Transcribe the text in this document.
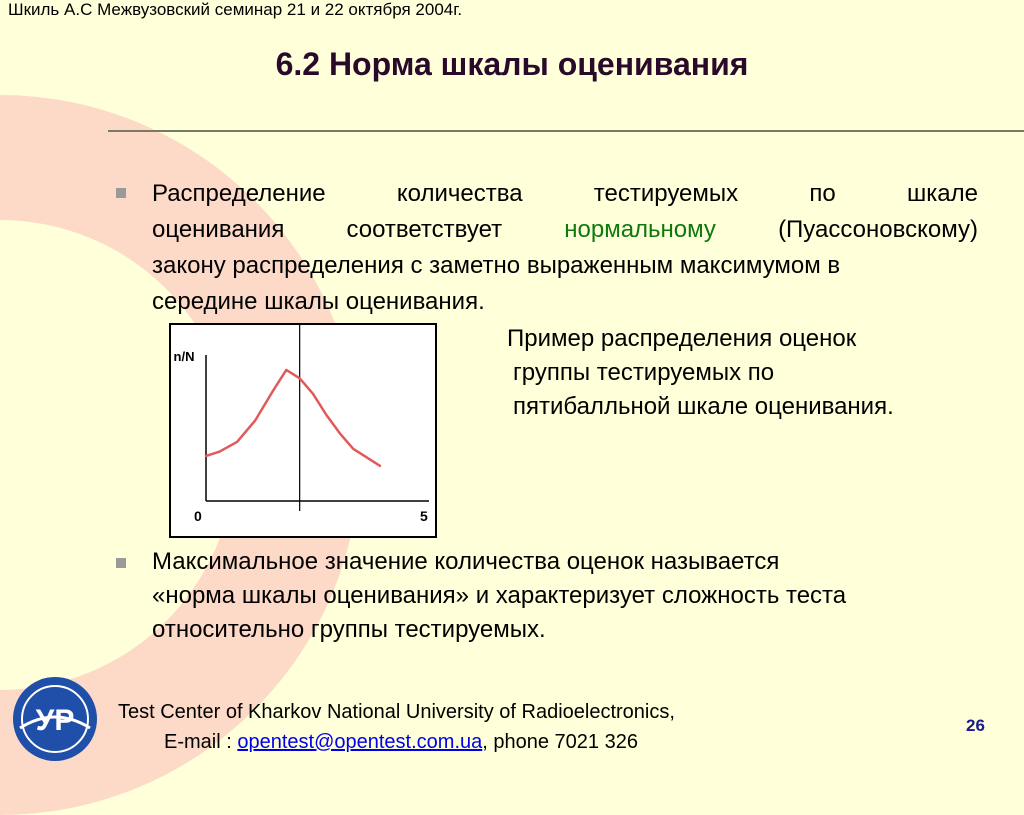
Шкиль А.С Межвузовский семинар 21 и 22 октября 2004г.
6.2 Норма шкалы оценивания
Распределение	количества	тестируемых	по	шкале
оценивания	соответствует	нормальному	(Пуассоновскому)
закону распределения с заметно выраженным максимумом в
середине шкалы оценивания.
n/N
0	5
Пример распределения оценок
группы тестируемых по
пятибалльной шкале оценивания.
Максимальное значение количества оценок называется
«норма шкалы оценивания» и характеризует сложность теста
относительно группы тестируемых.
УР Test Center of Kharkov National University of Radioelectronics,
E-mail : opentest@opentest.com.ua, phone 7021 326
26
